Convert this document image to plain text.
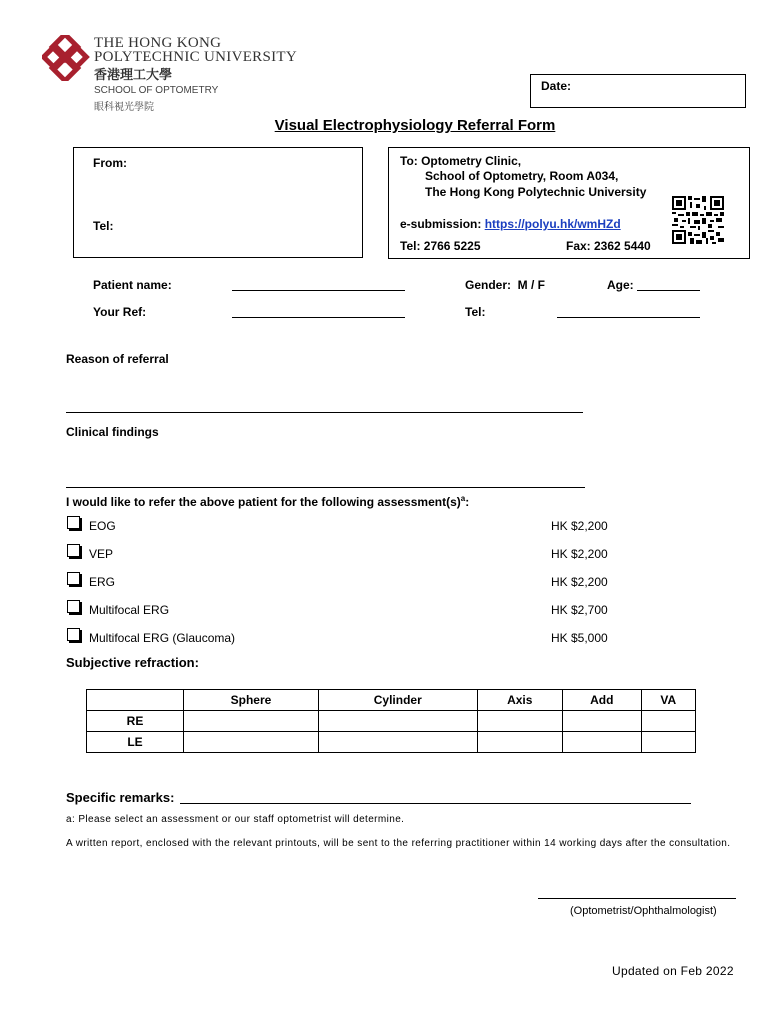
THE HONG KONG
POLYTECHNIC UNIVERSITY
香港理工大學
SCHOOL OF OPTOMETRY
眼科視光學院
Date:
Visual Electrophysiology Referral Form
From:
Tel:
To: Optometry Clinic,
School of Optometry, Room A034,
The Hong Kong Polytechnic University
e-submission: https://polyu.hk/wmHZd
Tel: 2766 5225	Fax: 2362 5440
Patient name:	Gender:  M / F	Age:
Your Ref:	Tel:
Reason of referral
Clinical findings
I would like to refer the above patient for the following $assessment(s)^a$:
EOG	HK $2,200
VEP	HK $2,200
ERG	HK $2,200
Multifocal ERG	HK $2,700
Multifocal ERG (Glaucoma)	HK $5,000
Subjective refraction:
	Sphere	Cylinder	Axis	Add	VA
RE					
LE					
Specific remarks:
a: Please select an assessment or our staff optometrist will determine.
A written report, enclosed with the relevant printouts, will be sent to the referring practitioner within 14 working days after the consultation.
(Optometrist/Ophthalmologist)
Updated on Feb 2022
